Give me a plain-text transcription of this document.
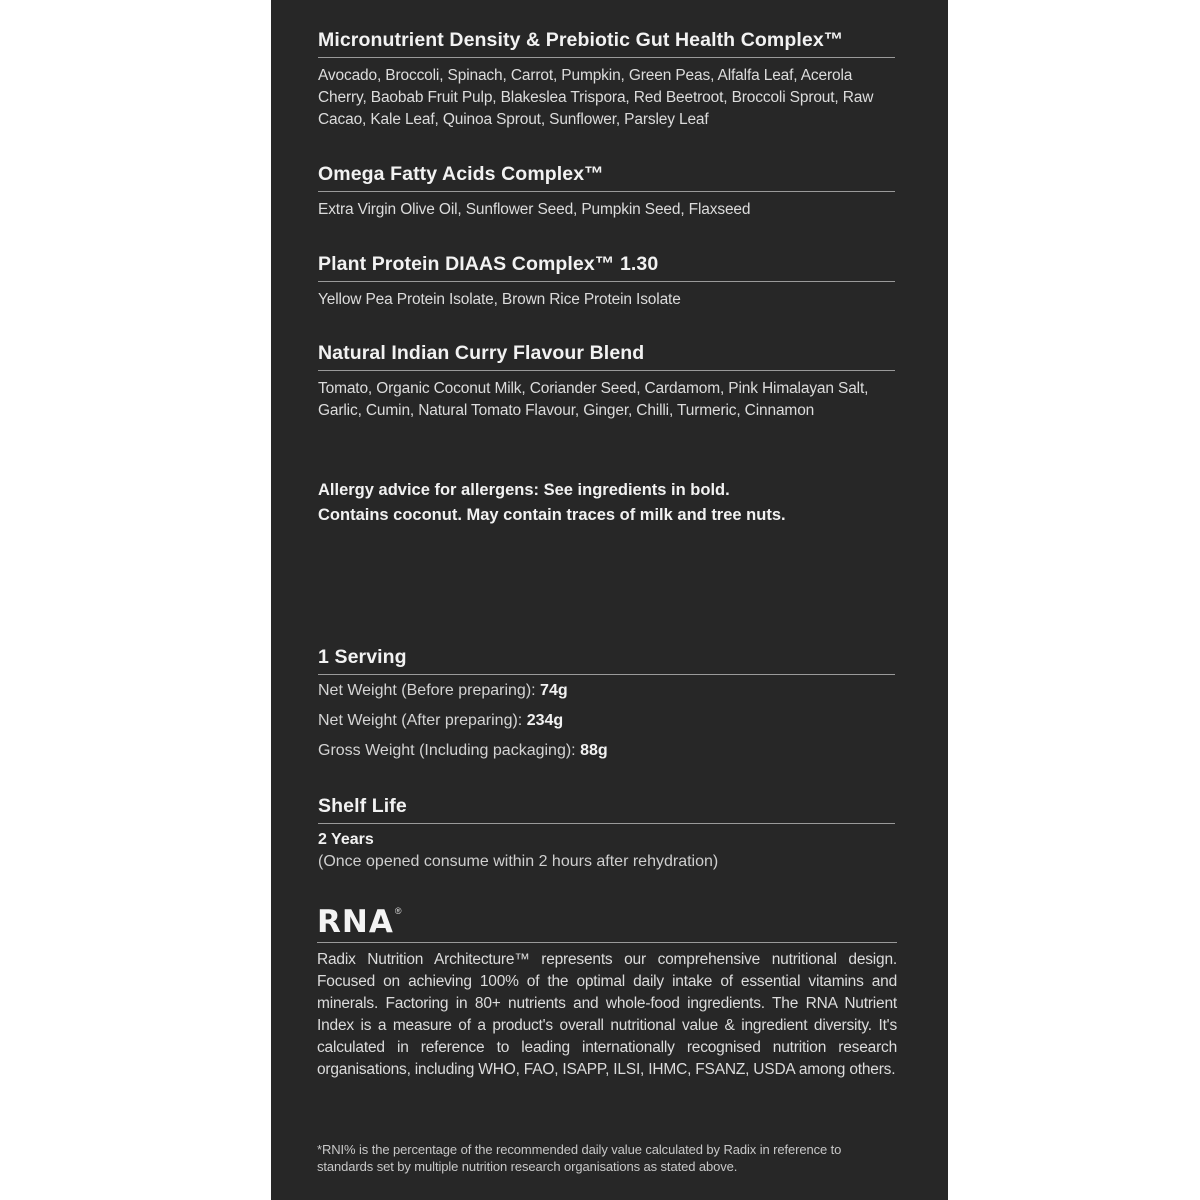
Micronutrient Density & Prebiotic Gut Health Complex™
Avocado, Broccoli, Spinach, Carrot, Pumpkin, Green Peas, Alfalfa Leaf, Acerola Cherry, Baobab Fruit Pulp, Blakeslea Trispora, Red Beetroot, Broccoli Sprout, Raw Cacao, Kale Leaf, Quinoa Sprout, Sunflower, Parsley Leaf
Omega Fatty Acids Complex™
Extra Virgin Olive Oil, Sunflower Seed, Pumpkin Seed, Flaxseed
Plant Protein DIAAS Complex™ 1.30
Yellow Pea Protein Isolate, Brown Rice Protein Isolate
Natural Indian Curry Flavour Blend
Tomato, Organic Coconut Milk, Coriander Seed, Cardamom, Pink Himalayan Salt, Garlic, Cumin, Natural Tomato Flavour, Ginger, Chilli, Turmeric, Cinnamon
Allergy advice for allergens: See ingredients in bold.
Contains coconut. May contain traces of milk and tree nuts.
1 Serving
Net Weight (Before preparing): 74g
Net Weight (After preparing): 234g
Gross Weight (Including packaging): 88g
Shelf Life
2 Years
(Once opened consume within 2 hours after rehydration)
RNA®
Radix Nutrition Architecture™ represents our comprehensive nutritional design. Focused on achieving 100% of the optimal daily intake of essential vitamins and minerals. Factoring in 80+ nutrients and whole-food ingredients. The RNA Nutrient Index is a measure of a product's overall nutritional value & ingredient diversity. It's calculated in reference to leading internationally recognised nutrition research organisations, including WHO, FAO, ISAPP, ILSI, IHMC, FSANZ, USDA among others.
*RNI% is the percentage of the recommended daily value calculated by Radix in reference to standards set by multiple nutrition research organisations as stated above.
